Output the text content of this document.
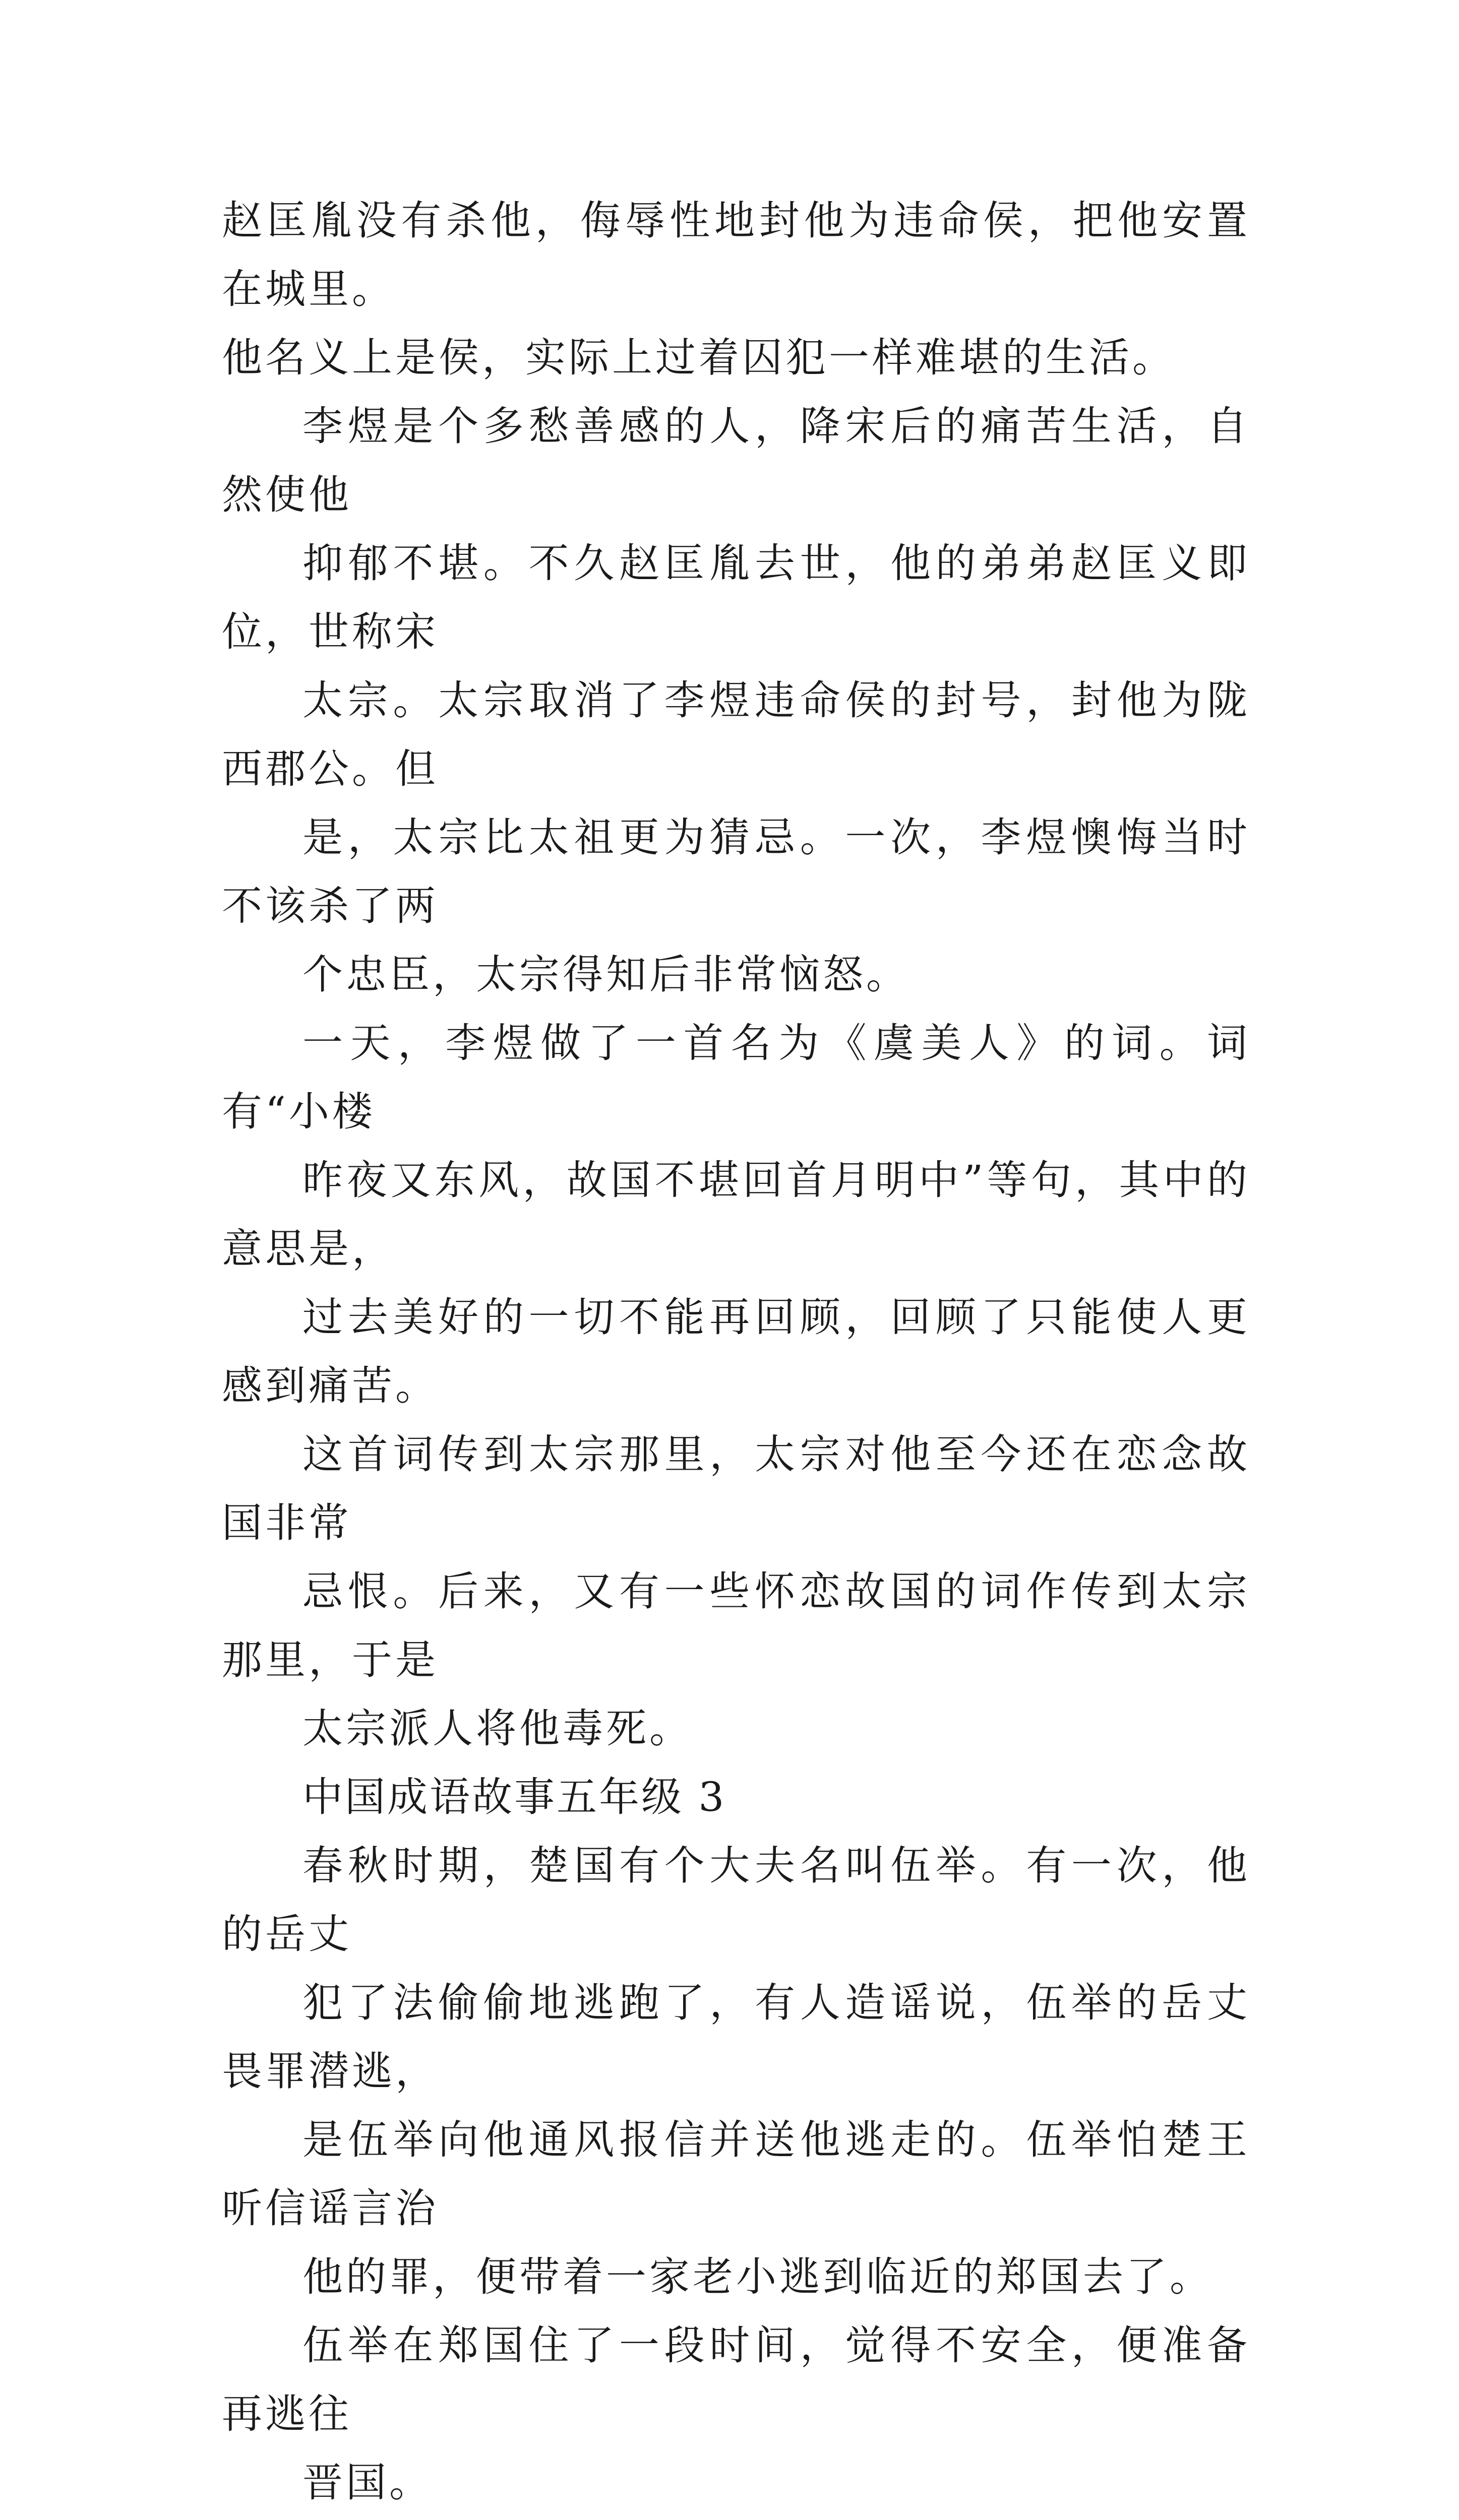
赵匡胤没有杀他，侮辱性地封他为违命侯，把他安置在城里。
他名义上是侯，实际上过着囚犯一样难堪的生活。
李煜是个多愁善感的人，降宋后的痛苦生活，自然使他
抑郁不堪。不久赵匡胤去世，他的弟弟赵匡义即位，世称宋
太宗。太宗取消了李煜违命侯的封号，封他为陇西郡公。但
是，太宗比太祖更为猜忌。一次，李煜懊悔当时不该杀了两
个忠臣，太宗得知后非常恼怒。
一天，李煜做了一首名为《虞美人》的词。词有“小楼
昨夜又东风，故国不堪回首月明中”等句，其中的意思是，
过去美好的一切不能再回顾，回顾了只能使人更感到痛苦。
这首词传到太宗那里，太宗对他至今还在恋念故国非常
忌恨。后来，又有一些怀恋故国的词作传到太宗那里，于是
太宗派人将他毒死。
中国成语故事五年级 3
春秋时期，楚国有个大夫名叫伍举。有一次，他的岳丈
犯了法偷偷地逃跑了，有人造谣说，伍举的岳丈畏罪潜逃，
是伍举向他通风报信并送他逃走的。伍举怕楚王听信谣言治
他的罪，便带着一家老小逃到临近的郑国去了。
伍举在郑国住了一段时间，觉得不安全，便准备再逃往
晋国。
